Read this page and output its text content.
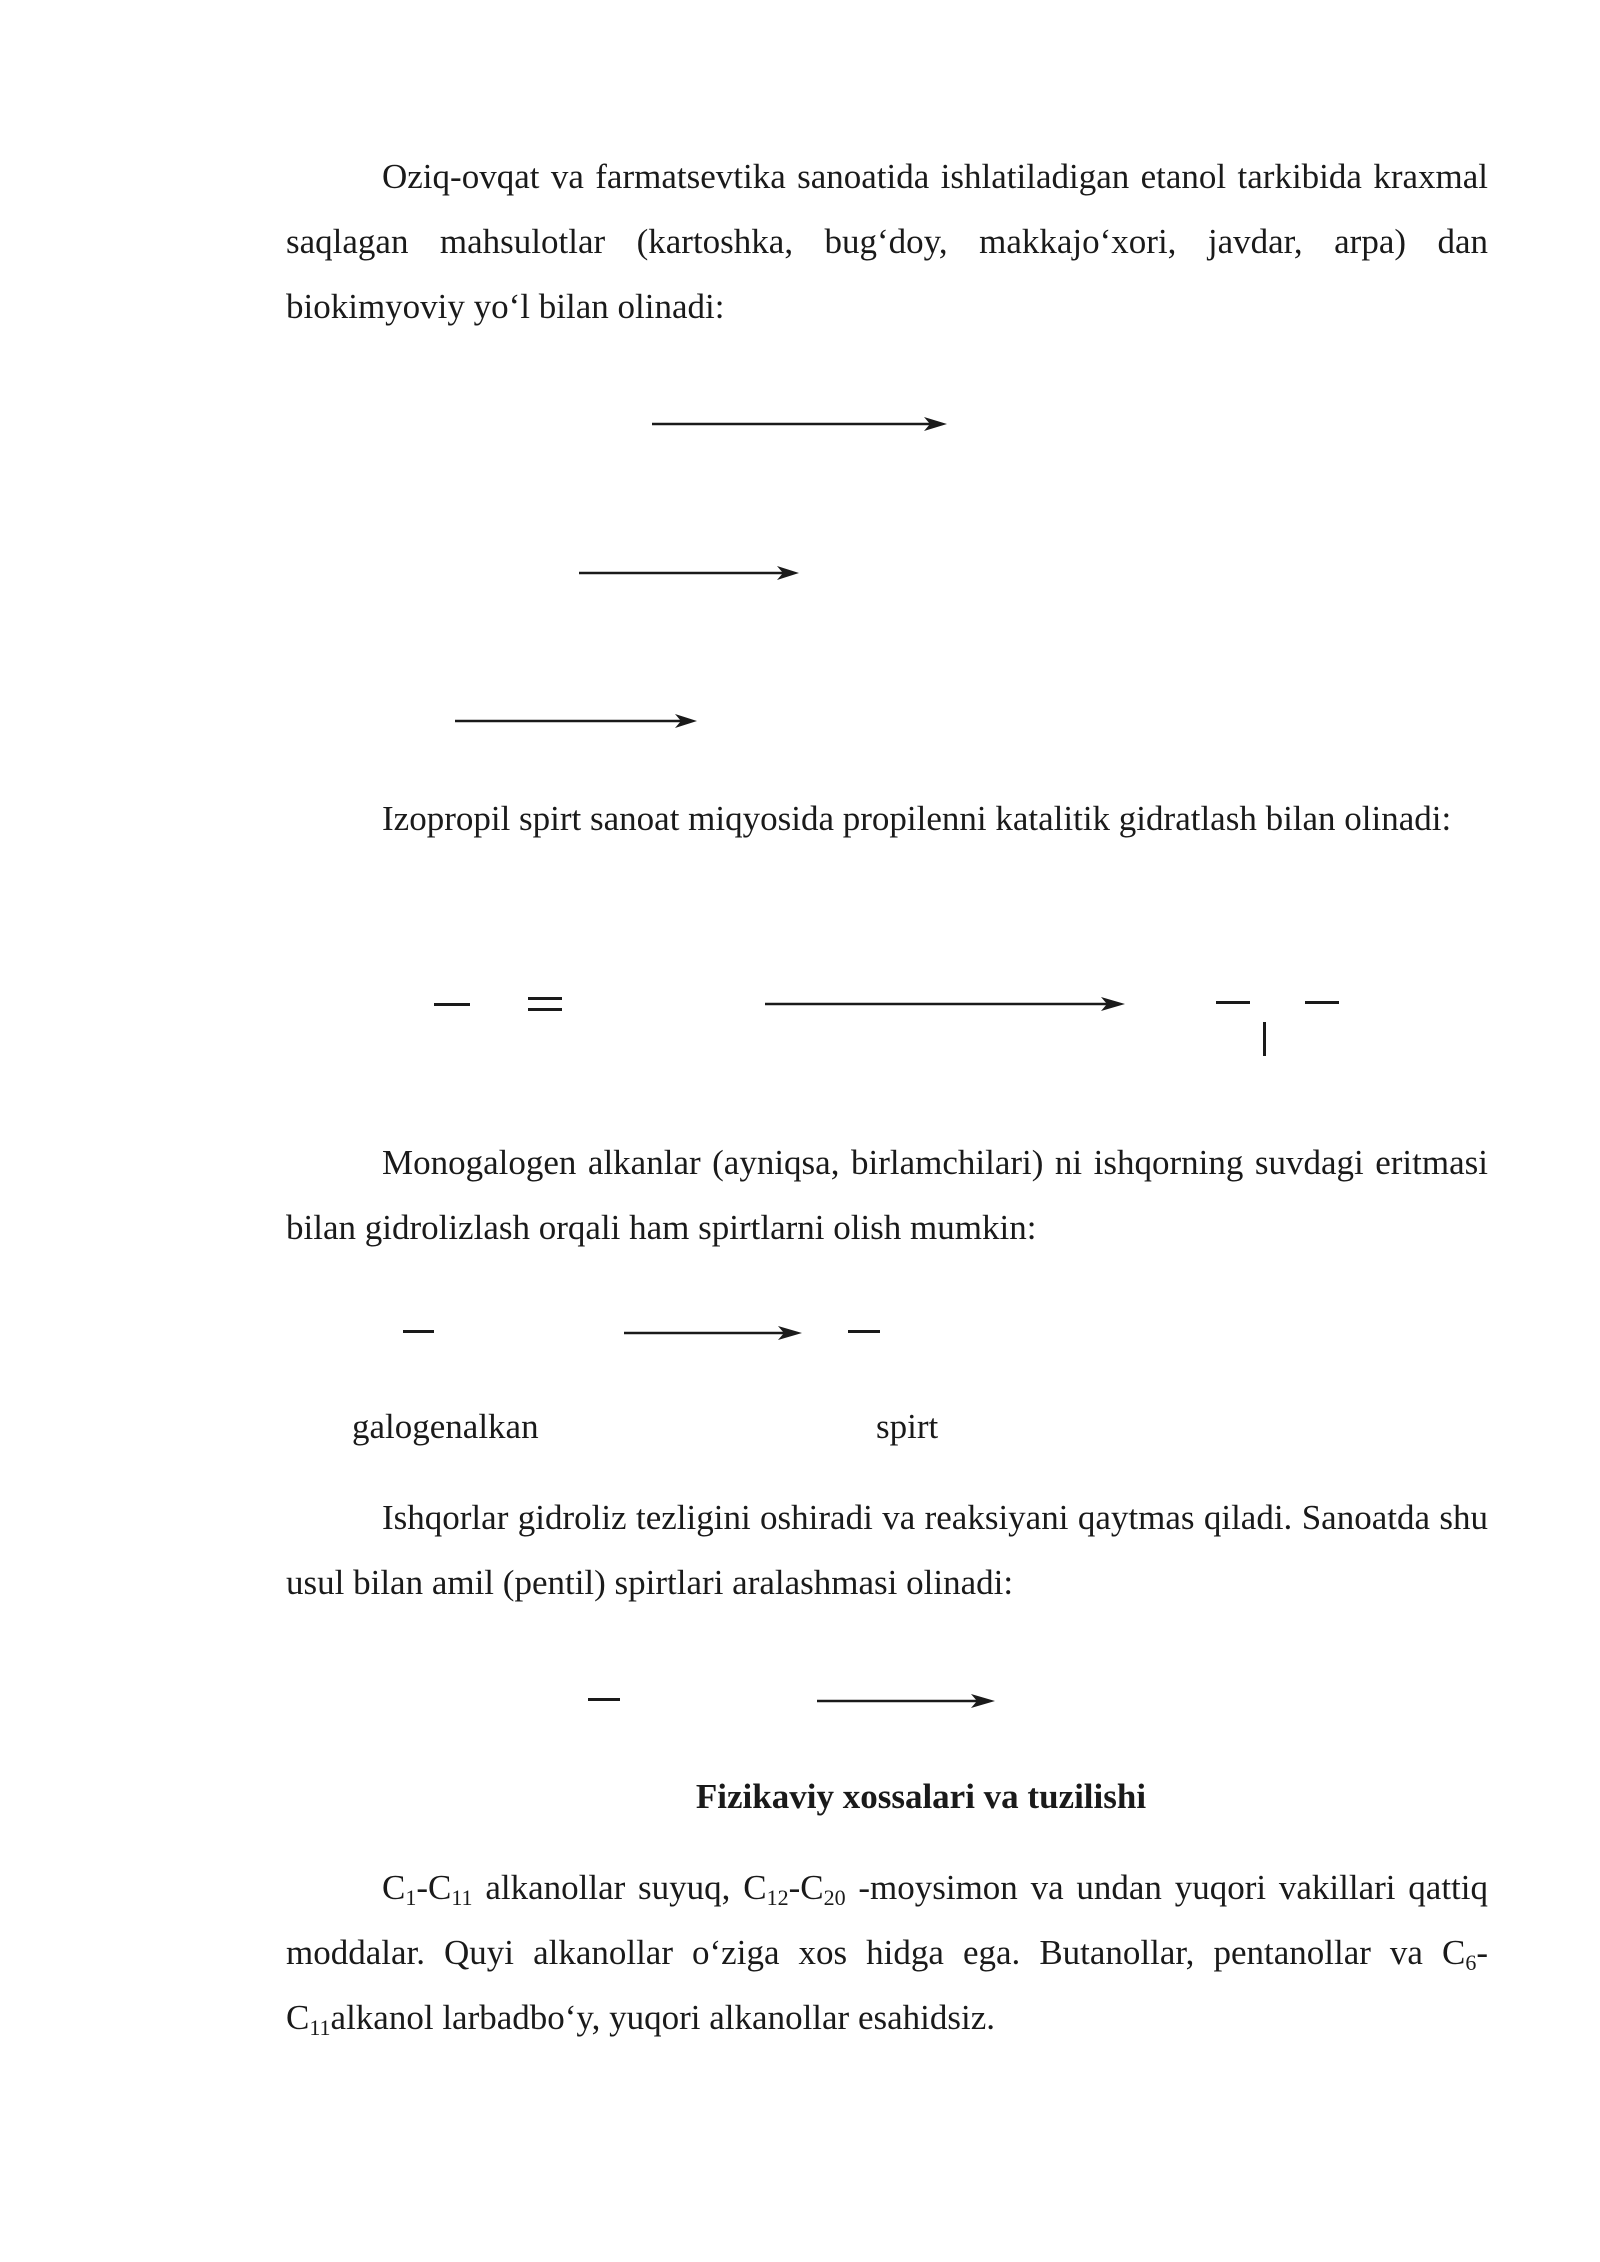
Oziq-ovqat va farmatsevtika sanoatida ishlatiladigan etanol tarkibida kraxmal saqlagan mahsulotlar (kartoshka, bug‘doy, makkajo‘xori, javdar, arpa) dan biokimyoviy yo‘l bilan olinadi:

Izopropil spirt sanoat miqyosida propilenni katalitik gidratlash bilan olinadi:

Monogalogen alkanlar (ayniqsa, birlamchilari) ni ishqorning suvdagi eritmasi bilan gidrolizlash orqali ham spirtlarni olish mumkin:

galogenalkan	spirt

Ishqorlar gidroliz tezligini oshiradi va reaksiyani qaytmas qiladi. Sanoatda shu usul bilan amil (pentil) spirtlari aralashmasi olinadi:

Fizikaviy xossalari va tuzilishi

$C_1-C_{11}$ alkanollar suyuq, $C_{12}-C_{20}$ -moysimon va undan yuqori vakillari qattiq moddalar. Quyi alkanollar o‘ziga xos hidga ega. Butanollar, pentanollar va $C_6-C_{11}alkanol$ larbadbo‘y, yuqori alkanollar esahidsiz.
